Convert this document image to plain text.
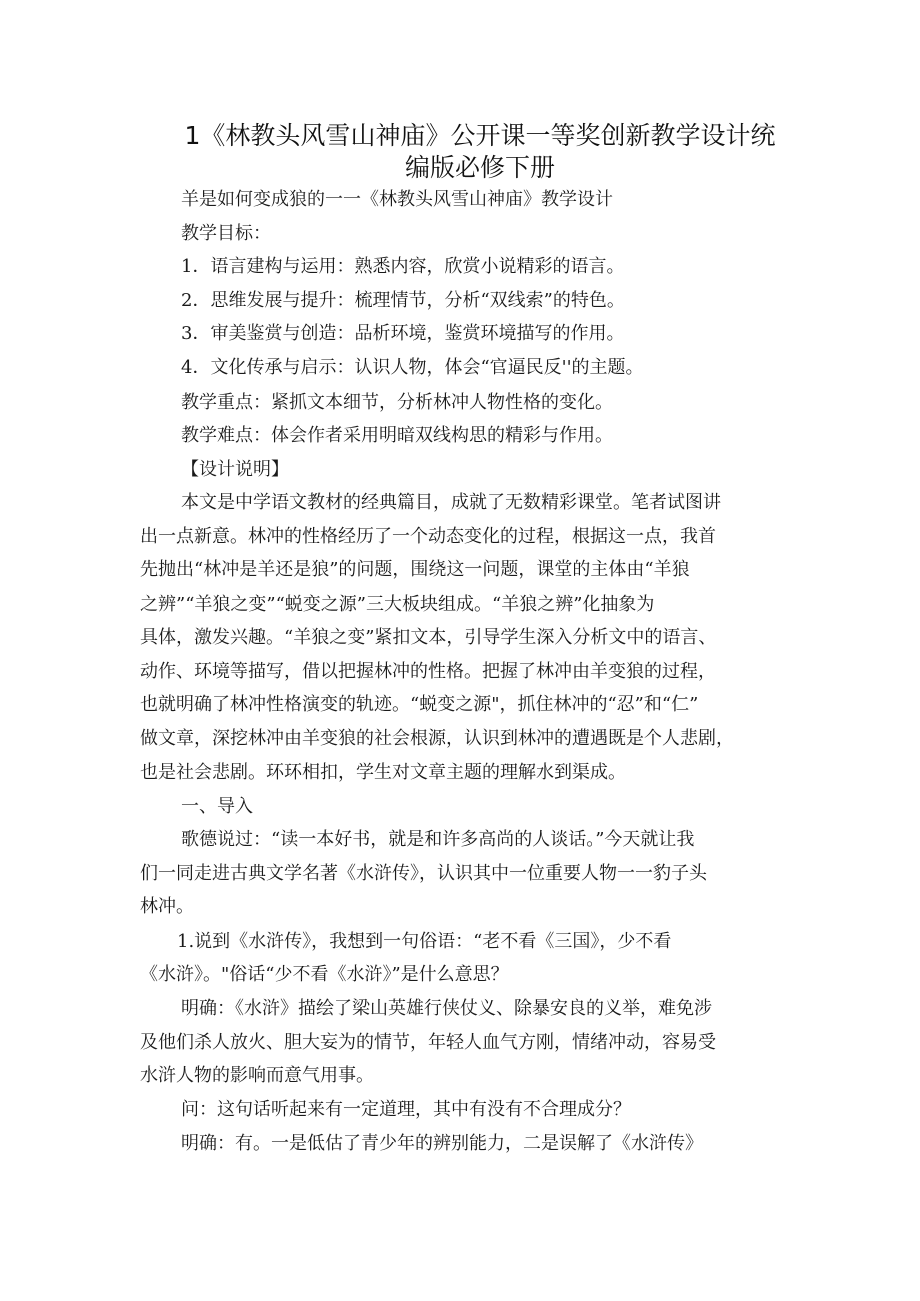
1《林教头风雪山神庙》公开课一等奖创新教学设计统
编版必修下册

羊是如何变成狼的一一《林教头风雪山神庙》教学设计

教学目标：

1．语言建构与运用：熟悉内容，欣赏小说精彩的语言。

2．思维发展与提升：梳理情节，分析“双线索”的特色。

3．审美鉴赏与创造：品析环境，鉴赏环境描写的作用。

4．文化传承与启示：认识人物，体会“官逼民反''的主题。

教学重点：紧抓文本细节，分析林冲人物性格的变化。

教学难点：体会作者采用明暗双线构思的精彩与作用。

【设计说明】

本文是中学语文教材的经典篇目，成就了无数精彩课堂。笔者试图讲

出一点新意。林冲的性格经历了一个动态变化的过程，根据这一点，我首

先抛出“林冲是羊还是狼”的问题，围绕这一问题，课堂的主体由“羊狼

之辨”“羊狼之变”“蜕变之源”三大板块组成。“羊狼之辨”化抽象为

具体，激发兴趣。“羊狼之变”紧扣文本，引导学生深入分析文中的语言、

动作、环境等描写，借以把握林冲的性格。把握了林冲由羊变狼的过程，

也就明确了林冲性格演变的轨迹。“蜕变之源"，抓住林冲的“忍”和“仁”

做文章，深挖林冲由羊变狼的社会根源，认识到林冲的遭遇既是个人悲剧，

也是社会悲剧。环环相扣，学生对文章主题的理解水到渠成。

一、导入

歌德说过：“读一本好书，就是和许多高尚的人谈话。”今天就让我

们一同走进古典文学名著《水浒传》，认识其中一位重要人物一一豹子头

林冲。

1.说到《水浒传》，我想到一句俗语：“老不看《三国》，少不看

《水浒》。"俗话“少不看《水浒》”是什么意思？

明确：《水浒》描绘了梁山英雄行侠仗义、除暴安良的义举，难免涉

及他们杀人放火、胆大妄为的情节，年轻人血气方刚，情绪冲动，容易受

水浒人物的影响而意气用事。

问：这句话听起来有一定道理，其中有没有不合理成分？

明确：有。一是低估了青少年的辨别能力，二是误解了《水浒传》
